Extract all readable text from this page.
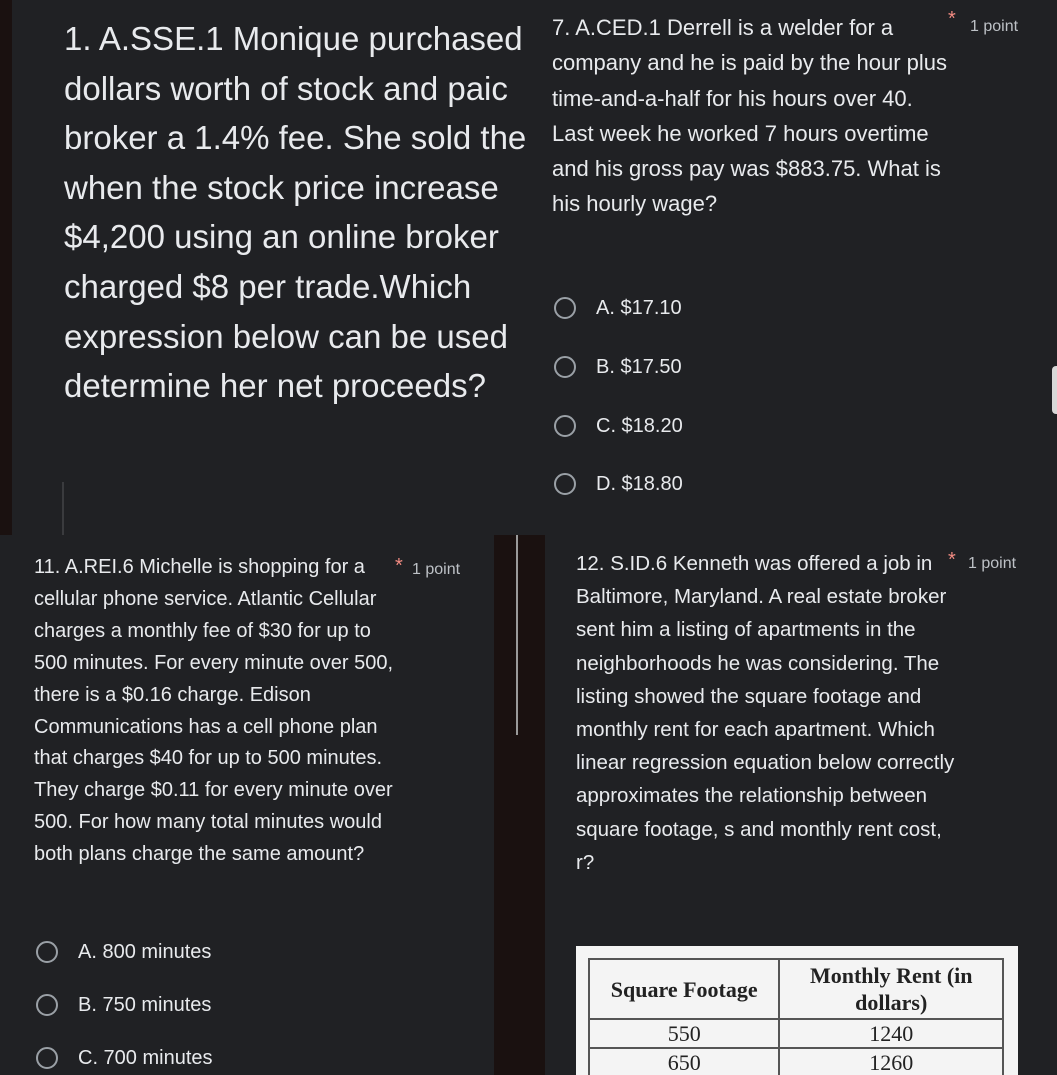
1. A.SSE.1 Monique purchased
dollars worth of stock and paic
broker a 1.4% fee. She sold the
when the stock price increase
$4,200 using an online broker
charged $8 per trade.Which
expression below can be used
determine her net proceeds?

7. A.CED.1 Derrell is a welder for a company and he is paid by the hour plus time-and-a-half for his hours over 40. Last week he worked 7 hours overtime and his gross pay was $883.75. What is his hourly wage?

* 1 point
A. $17.10
B. $17.50
C. $18.20
D. $18.80

11. A.REI.6 Michelle is shopping for a cellular phone service. Atlantic Cellular charges a monthly fee of $30 for up to 500 minutes. For every minute over 500, there is a $0.16 charge. Edison Communications has a cell phone plan that charges $40 for up to 500 minutes. They charge $0.11 for every minute over 500. For how many total minutes would both plans charge the same amount?

* 1 point
A. 800 minutes
B. 750 minutes
C. 700 minutes

12. S.ID.6 Kenneth was offered a job in Baltimore, Maryland. A real estate broker sent him a listing of apartments in the neighborhoods he was considering. The listing showed the square footage and monthly rent for each apartment. Which linear regression equation below correctly approximates the relationship between square footage, s and monthly rent cost, r?

* 1 point
Square Footage	Monthly Rent (in dollars)
550	1240
650	1260
